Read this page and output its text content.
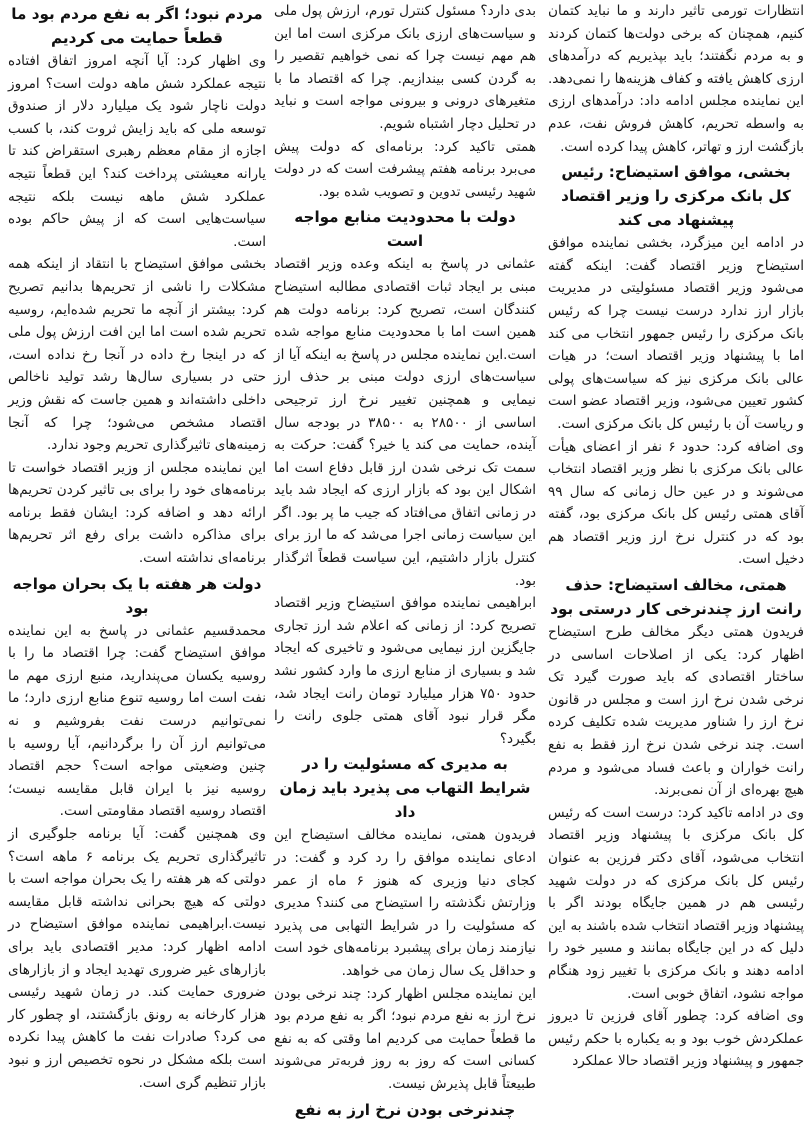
انتظارات تورمی تاثیر دارند و ما نباید کتمان کنیم، همچنان که برخی دولت‌ها کتمان کردند و به مردم نگفتند؛ باید بپذیریم که درآمدهای ارزی کاهش یافته و کفاف هزینه‌ها را نمی‌دهد.

این نماینده مجلس ادامه داد: درآمدهای ارزی به واسطه تحریم، کاهش فروش نفت، عدم بازگشت ارز و تهاتر، کاهش پیدا کرده است.

بخشی، موافق استیضاح: رئیس کل بانک مرکزی را وزیر اقتصاد پیشنهاد می کند

در ادامه این میزگرد، بخشی نماینده موافق استیضاح وزیر اقتصاد گفت: اینکه گفته می‌شود وزیر اقتصاد مسئولیتی در مدیریت بازار ارز ندارد درست نیست چرا که رئیس بانک مرکزی را رئیس جمهور انتخاب می کند اما با پیشنهاد وزیر اقتصاد است؛ در هیات عالی بانک مرکزی نیز که سیاست‌های پولی کشور تعیین می‌شود، وزیر اقتصاد عضو است و ریاست آن با رئیس کل بانک مرکزی است.

وی اضافه کرد: حدود ۶ نفر از اعضای هیأت عالی بانک مرکزی با نظر وزیر اقتصاد انتخاب می‌شوند و در عین حال زمانی که سال ۹۹ آقای همتی رئیس کل بانک مرکزی بود، گفته بود که در کنترل نرخ ارز وزیر اقتصاد هم دخیل است.

همتی، مخالف استیضاح: حذف رانت ارز چندنرخی کار درستی بود

فریدون همتی دیگر مخالف طرح استیضاح اظهار کرد: یکی از اصلاحات اساسی در ساختار اقتصادی که باید صورت گیرد تک نرخی شدن نرخ ارز است و مجلس در قانون نرخ ارز را شناور مدیریت شده تکلیف کرده است. چند نرخی شدن نرخ ارز فقط به نفع رانت خواران و باعث فساد می‌شود و مردم هیچ بهره‌ای از آن نمی‌برند.

وی در ادامه تاکید کرد: درست است که رئیس کل بانک مرکزی با پیشنهاد وزیر اقتصاد انتخاب می‌شود، آقای دکتر فرزین به عنوان رئیس کل بانک مرکزی که در دولت شهید رئیسی هم در همین جایگاه بودند اگر با پیشنهاد وزیر اقتصاد انتخاب شده باشند به این دلیل که در این جایگاه بمانند و مسیر خود را ادامه دهند و بانک مرکزی با تغییر زود هنگام مواجه نشود، اتفاق خوبی است.

وی اضافه کرد: چطور آقای فرزین تا دیروز عملکردش خوب بود و به یکباره با حکم رئیس جمهور و پیشنهاد وزیر اقتصاد حالا عملکرد

بدی دارد؟ مسئول کنترل تورم، ارزش پول ملی و سیاست‌های ارزی بانک مرکزی است اما این هم مهم نیست چرا که نمی خواهیم تقصیر را به گردن کسی بیندازیم. چرا که اقتصاد ما با متغیرهای درونی و بیرونی مواجه است و نباید در تحلیل دچار اشتباه شویم.

همتی تاکید کرد: برنامه‌ای که دولت پیش می‌برد برنامه هفتم پیشرفت است که در دولت شهید رئیسی تدوین و تصویب شده بود.

دولت با محدودیت منابع مواجه است

عثمانی در پاسخ به اینکه وعده وزیر اقتصاد مبنی بر ایجاد ثبات اقتصادی مطالبه استیضاح کنندگان است، تصریح کرد: برنامه دولت هم همین است اما با محدودیت منابع مواجه شده است.این نماینده مجلس در پاسخ به اینکه آیا از سیاست‌های ارزی دولت مبنی بر حذف ارز نیمایی و همچنین تغییر نرخ ارز ترجیحی اساسی از ۲۸۵۰۰ به ۳۸۵۰۰ در بودجه سال آینده، حمایت می کند یا خیر؟ گفت: حرکت به سمت تک نرخی شدن ارز قابل دفاع است اما اشکال این بود که بازار ارزی که ایجاد شد باید در زمانی اتفاق می‌افتاد که جیب ما پر بود. اگر این سیاست زمانی اجرا می‌شد که ما ارز برای کنترل بازار داشتیم، این سیاست قطعاً اثرگذار بود.

ابراهیمی نماینده موافق استیضاح وزیر اقتصاد تصریح کرد: از زمانی که اعلام شد ارز تجاری جایگزین ارز نیمایی می‌شود و تاخیری که ایجاد شد و بسیاری از منابع ارزی ما وارد کشور نشد حدود ۷۵۰ هزار میلیارد تومان رانت ایجاد شد، مگر قرار نبود آقای همتی جلوی رانت را بگیرد؟

به مدیری که مسئولیت را در شرایط التهاب می پذیرد باید زمان داد

فریدون همتی، نماینده مخالف استیضاح این ادعای نماینده موافق را رد کرد و گفت: در کجای دنیا وزیری که هنوز ۶ ماه از عمر وزارتش نگذشته را استیضاح می کنند؟ مدیری که مسئولیت را در شرایط التهابی می پذیرد نیازمند زمان برای پیشبرد برنامه‌های خود است و حداقل یک سال زمان می خواهد.

این نماینده مجلس اظهار کرد: چند نرخی بودن نرخ ارز به نفع مردم نبود؛ اگر به نفع مردم بود ما قطعاً حمایت می کردیم اما وقتی که به نفع کسانی است که روز به روز فربه‌تر می‌شوند طبیعتاً قابل پذیرش نیست.

چندنرخی بودن نرخ ارز به نفع
مردم نبود؛ اگر به نفع مردم بود ما قطعاً حمایت می کردیم

وی اظهار کرد: آیا آنچه امروز اتفاق افتاده نتیجه عملکرد شش ماهه دولت است؟ امروز دولت ناچار شود یک میلیارد دلار از صندوق توسعه ملی که باید زایش ثروت کند، با کسب اجازه از مقام معظم رهبری استقراض کند تا یارانه معیشتی پرداخت کند؟ این قطعاً نتیجه عملکرد شش ماهه نیست بلکه نتیجه سیاست‌هایی است که از پیش حاکم بوده است.

بخشی موافق استیضاح با انتقاد از اینکه همه مشکلات را ناشی از تحریم‌ها بدانیم تصریح کرد: بیشتر از آنچه ما تحریم شده‌ایم، روسیه تحریم شده است اما این افت ارزش پول ملی که در اینجا رخ داده در آنجا رخ نداده است، حتی در بسیاری سال‌ها رشد تولید ناخالص داخلی داشته‌اند و همین جاست که نقش وزیر اقتصاد مشخص می‌شود؛ چرا که آنجا زمینه‌های تاثیرگذاری تحریم وجود ندارد.

این نماینده مجلس از وزیر اقتصاد خواست تا برنامه‌های خود را برای بی تاثیر کردن تحریم‌ها ارائه دهد و اضافه کرد: ایشان فقط برنامه برای مذاکره داشت برای رفع اثر تحریم‌ها برنامه‌ای نداشته است.

دولت هر هفته با یک بحران مواجه بود

محمدقسیم عثمانی در پاسخ به این نماینده موافق استیضاح گفت: چرا اقتصاد ما را با روسیه یکسان می‌پندارید، منبع ارزی مهم ما نفت است اما روسیه تنوع منابع ارزی دارد؛ ما نمی‌توانیم درست نفت بفروشیم و نه می‌توانیم ارز آن را برگردانیم، آیا روسیه با چنین وضعیتی مواجه است؟ حجم اقتصاد روسیه نیز با ایران قابل مقایسه نیست؛ اقتصاد روسیه اقتصاد مقاومتی است.

وی همچنین گفت: آیا برنامه جلوگیری از تاثیرگذاری تحریم یک برنامه ۶ ماهه است؟ دولتی که هر هفته را یک بحران مواجه است با دولتی که هیچ بحرانی نداشته قابل مقایسه نیست.ابراهیمی نماینده موافق استیضاح در ادامه اظهار کرد: مدیر اقتصادی باید برای بازارهای غیر ضروری تهدید ایجاد و از بازارهای ضروری حمایت کند. در زمان شهید رئیسی هزار کارخانه به رونق بازگشتند، او چطور کار می کرد؟ صادرات نفت ما کاهش پیدا نکرده است بلکه مشکل در نحوه تخصیص ارز و نبود بازار تنظیم گری است.
